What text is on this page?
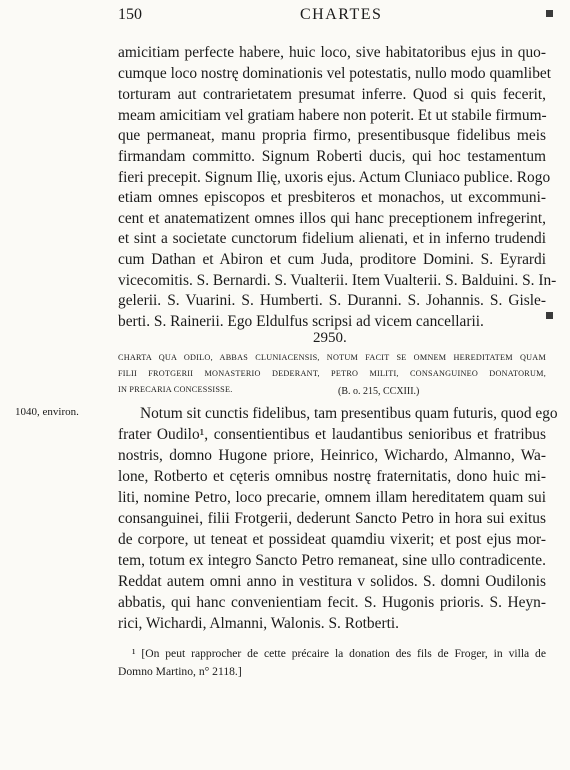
150	CHARTES
amicitiam perfecte habere, huic loco, sive habitatoribus ejus in quo-
cumque loco nostrę dominationis vel potestatis, nullo modo quamlibet
torturam aut contrarietatem presumat inferre. Quod si quis fecerit,
meam amicitiam vel gratiam habere non poterit. Et ut stabile firmum-
que permaneat, manu propria firmo, presentibusque fidelibus meis
firmandam committo. Signum Roberti ducis, qui hoc testamentum
fieri precepit. Signum Ilię, uxoris ejus. Actum Cluniaco publice. Rogo
etiam omnes episcopos et presbiteros et monachos, ut excommuni-
cent et anatematizent omnes illos qui hanc preceptionem infregerint,
et sint a societate cunctorum fidelium alienati, et in inferno trudendi
cum Dathan et Abiron et cum Juda, proditore Domini. S. Eyrardi
vicecomitis. S. Bernardi. S. Vualterii. Item Vualterii. S. Balduini. S. In-
gelerii. S. Vuarini. S. Humberti. S. Duranni. S. Johannis. S. Gisle-
berti. S. Rainerii. Ego Eldulfus scripsi ad vicem cancellarii.
2950.
CHARTA QUA ODILO, ABBAS CLUNIACENSIS, NOTUM FACIT SE OMNEM HEREDITATEM QUAM
FILII FROTGERII MONASTERIO DEDERANT, PETRO MILITI, CONSANGUINEO DONATORUM,
IN PRECARIA CONCESSISSE.	(B. o. 215, CCXIII.)
1040, environ.	Notum sit cunctis fidelibus, tam presentibus quam futuris, quod ego
frater Oudilo¹, consentientibus et laudantibus senioribus et fratribus
nostris, domno Hugone priore, Heinrico, Wichardo, Almanno, Wa-
lone, Rotberto et cęteris omnibus nostrę fraternitatis, dono huic mi-
liti, nomine Petro, loco precarie, omnem illam hereditatem quam sui
consanguinei, filii Frotgerii, dederunt Sancto Petro in hora sui exitus
de corpore, ut teneat et possideat quamdiu vixerit; et post ejus mor-
tem, totum ex integro Sancto Petro remaneat, sine ullo contradicente.
Reddat autem omni anno in vestitura v solidos. S. domni Oudilonis
abbatis, qui hanc convenientiam fecit. S. Hugonis prioris. S. Heyn-
rici, Wichardi, Almanni, Walonis. S. Rotberti.
¹ [On peut rapprocher de cette précaire la donation des fils de Froger, in villa de
Domno Martino, n° 2118.]
